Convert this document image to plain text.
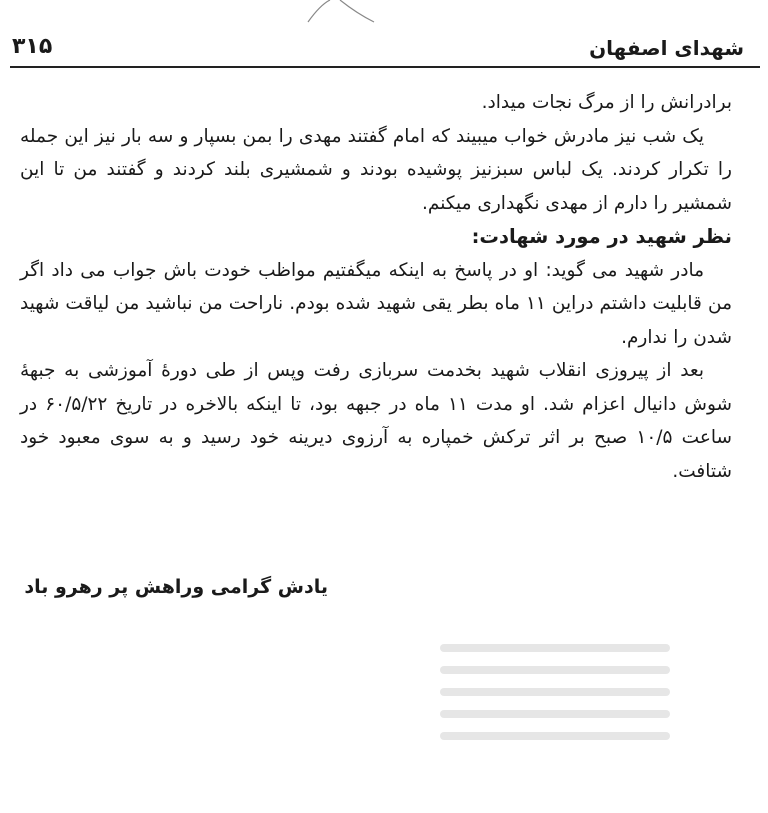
شهدای اصفهان
۳۱۵

برادرانش را از مرگ نجات میداد.

یک شب نیز مادرش خواب میبیند که امام گفتند مهدی را بمن بسپار و سه بار نیز این جمله را تکرار کردند. یک لباس سبزنیز پوشیده بودند و شمشیری بلند کردند و گفتند من تا این شمشیر را دارم از مهدی نگهداری میکنم.

نظر شهید در مورد شهادت:

مادر شهید می گوید: او در پاسخ به اینکه میگفتیم مواظب خودت باش جواب می داد اگر من قابلیت داشتم دراین ۱۱ ماه بطر یقی شهید شده بودم. ناراحت من نباشید من لیاقت شهید شدن را ندارم.

بعد از پیروزی انقلاب شهید بخدمت سربازی رفت وپس از طی دورهٔ آموزشی به جبههٔ شوش دانیال اعزام شد. او مدت ۱۱ ماه در جبهه بود، تا اینکه بالاخره در تاریخ ۶۰/۵/۲۲ در ساعت ۱۰/۵ صبح بر اثر ترکش خمپاره به آرزوی دیرینه خود رسید و به سوی معبود خود شتافت.

یادش گرامی وراهش پر رهرو باد
